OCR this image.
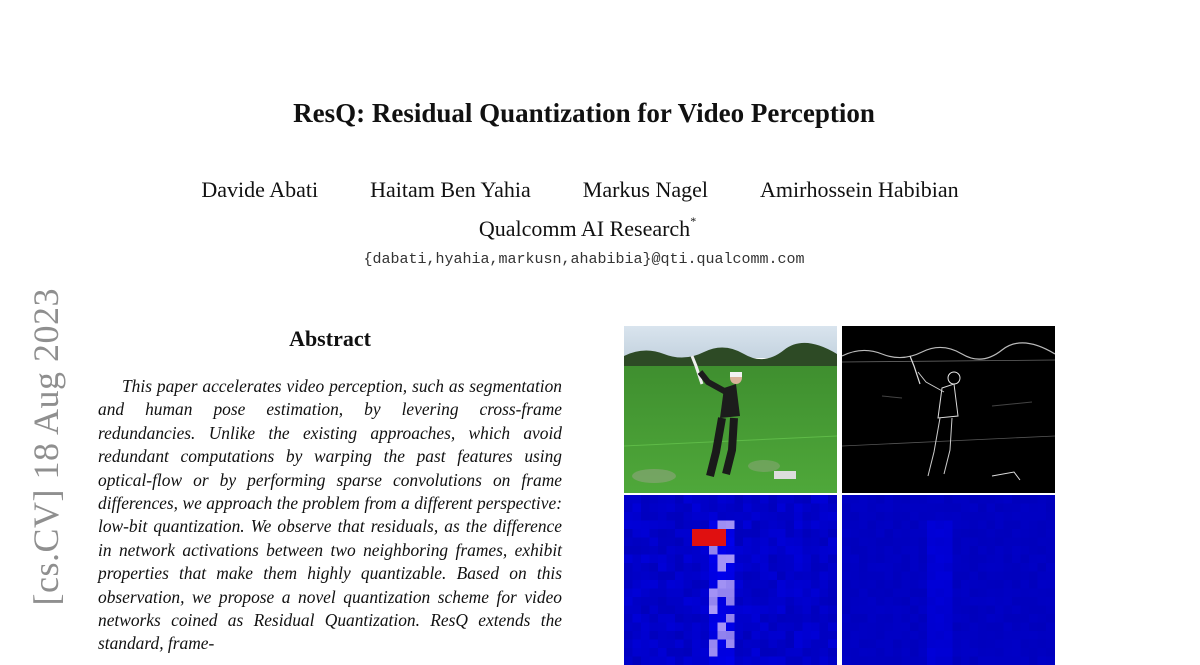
[cs.CV] 18 Aug 2023
ResQ: Residual Quantization for Video Perception
Davide Abati Haitam Ben Yahia Markus Nagel Amirhossein Habibian
Qualcomm AI Research*
{dabati,hyahia,markusn,ahabibia}@qti.qualcomm.com
Abstract

This paper accelerates video perception, such as segmentation and human pose estimation, by levering cross-frame redundancies. Unlike the existing approaches, which avoid redundant computations by warping the past features using optical-flow or by performing sparse convolutions on frame differences, we approach the problem from a different perspective: low-bit quantization. We observe that residuals, as the difference in network activations between two neighboring frames, exhibit properties that make them highly quantizable. Based on this observation, we propose a novel quantization scheme for video networks coined as Residual Quantization. ResQ extends the standard, frame-
